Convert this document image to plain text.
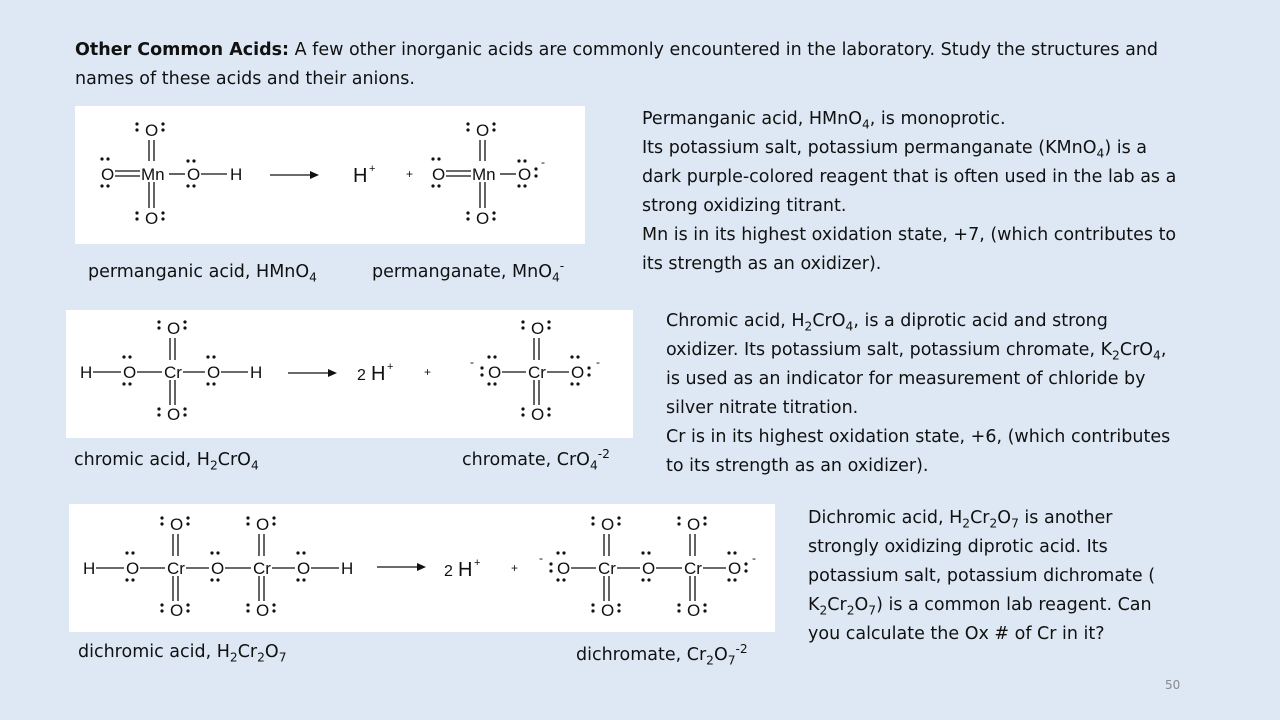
Other Common Acids: A few other inorganic acids are commonly encountered in the laboratory. Study the structures and names of these acids and their anions.
Mn
O	O H
O
O
H +	+	Mn
O	O
O
O
-
permanganic acid, HMnO$_4$	permanganate, MnO$_4$-
H O Cr O H
O
O
2 H +	+
-
O Cr O
O
O
-
chromic acid, $H_2CrO_4$	chromate, CrO$_4^{-2}$
H O Cr O Cr O H
O
O
O
O
2 H +	+
-
O Cr O Cr O
O
O
O
O
-
dichromic acid, $H_2Cr_2O_7$	dichromate, $Cr_2O_7^{-2}$

Permanganic acid, HMnO$_4$, is monoprotic.

Its potassium salt, potassium permanganate (KMnO$_4$) is a dark purple-colored reagent that is often used in the lab as a strong oxidizing titrant.

Mn is in its highest oxidation state, +7, (which contributes to its strength as an oxidizer).

Chromic acid, $H_2CrO_4$, is a diprotic acid and strong oxidizer. Its potassium salt, potassium chromate, $K_2CrO_4$, is used as an indicator for measurement of chloride by silver nitrate titration.

Cr is in its highest oxidation state, +6, (which contributes to its strength as an oxidizer).

Dichromic acid, $H_2Cr_2O_7$ is another strongly oxidizing diprotic acid. Its potassium salt, potassium dichromate ( $K_2Cr_2O_7$) is a common lab reagent. Can you calculate the Ox # of Cr in it?

50
